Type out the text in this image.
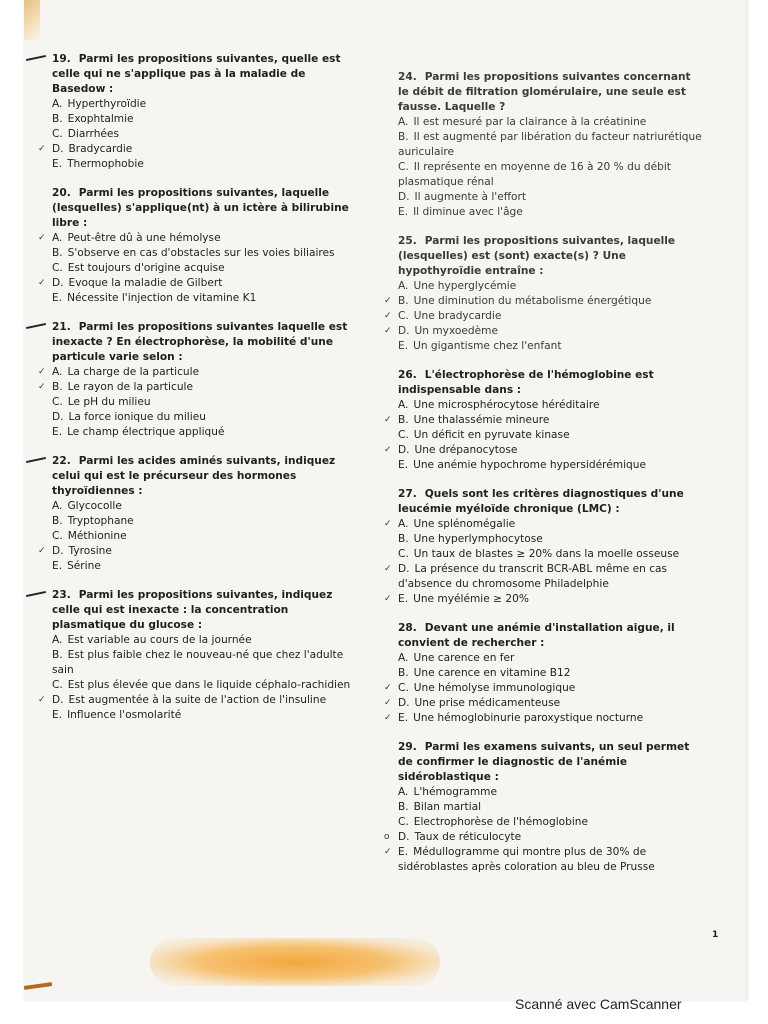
19. Parmi les propositions suivantes, quelle est celle qui ne s'applique pas à la maladie de Basedow :
A. Hyperthyroïdie
B. Exophtalmie
C. Diarrhées
✓ D. Bradycardie
E. Thermophobie
20. Parmi les propositions suivantes, laquelle (lesquelles) s'applique(nt) à un ictère à bilirubine libre :
✓ A. Peut-être dû à une hémolyse
B. S'observe en cas d'obstacles sur les voies biliaires
C. Est toujours d'origine acquise
✓ D. Evoque la maladie de Gilbert
E. Nécessite l'injection de vitamine K1
21. Parmi les propositions suivantes laquelle est inexacte ? En électrophorèse, la mobilité d'une particule varie selon :
✓ A. La charge de la particule
✓ B. Le rayon de la particule
C. Le pH du milieu
D. La force ionique du milieu
E. Le champ électrique appliqué
22. Parmi les acides aminés suivants, indiquez celui qui est le précurseur des hormones thyroïdiennes :
A. Glycocolle
B. Tryptophane
C. Méthionine
✓ D. Tyrosine
E. Sérine
23. Parmi les propositions suivantes, indiquez celle qui est inexacte : la concentration plasmatique du glucose :
A. Est variable au cours de la journée
B. Est plus faible chez le nouveau-né que chez l'adulte sain
C. Est plus élevée que dans le liquide céphalo-rachidien
✓ D. Est augmentée à la suite de l'action de l'insuline
E. Influence l'osmolarité
24. Parmi les propositions suivantes concernant le débit de filtration glomérulaire, une seule est fausse. Laquelle ?
A. Il est mesuré par la clairance à la créatinine
B. Il est augmenté par libération du facteur natriurétique auriculaire
C. Il représente en moyenne de 16 à 20 % du débit plasmatique rénal
D. Il augmente à l'effort
E. Il diminue avec l'âge
25. Parmi les propositions suivantes, laquelle (lesquelles) est (sont) exacte(s) ? Une hypothyroïdie entraîne :
A. Une hyperglycémie
✓ B. Une diminution du métabolisme énergétique
✓ C. Une bradycardie
✓ D. Un myxoedème
E. Un gigantisme chez l'enfant
26. L'électrophorèse de l'hémoglobine est indispensable dans :
A. Une microsphérocytose héréditaire
✓ B. Une thalassémie mineure
C. Un déficit en pyruvate kinase
✓ D. Une drépanocytose
E. Une anémie hypochrome hypersidérémique
27. Quels sont les critères diagnostiques d'une leucémie myéloïde chronique (LMC) :
✓ A. Une splénomégalie
B. Une hyperlymphocytose
C. Un taux de blastes ≥ 20% dans la moelle osseuse
✓ D. La présence du transcrit BCR-ABL même en cas d'absence du chromosome Philadelphie
✓ E. Une myélémie ≥ 20%
28. Devant une anémie d'installation aigue, il convient de rechercher :
A. Une carence en fer
B. Une carence en vitamine B12
✓ C. Une hémolyse immunologique
✓ D. Une prise médicamenteuse
✓ E. Une hémoglobinurie paroxystique nocturne
29. Parmi les examens suivants, un seul permet de confirmer le diagnostic de l'anémie sidéroblastique :
A. L'hémogramme
B. Bilan martial
C. Electrophorèse de l'hémoglobine
o D. Taux de réticulocyte
✓ E. Médullogramme qui montre plus de 30% de sidéroblastes après coloration au bleu de Prusse
1
Scanné avec CamScanner
